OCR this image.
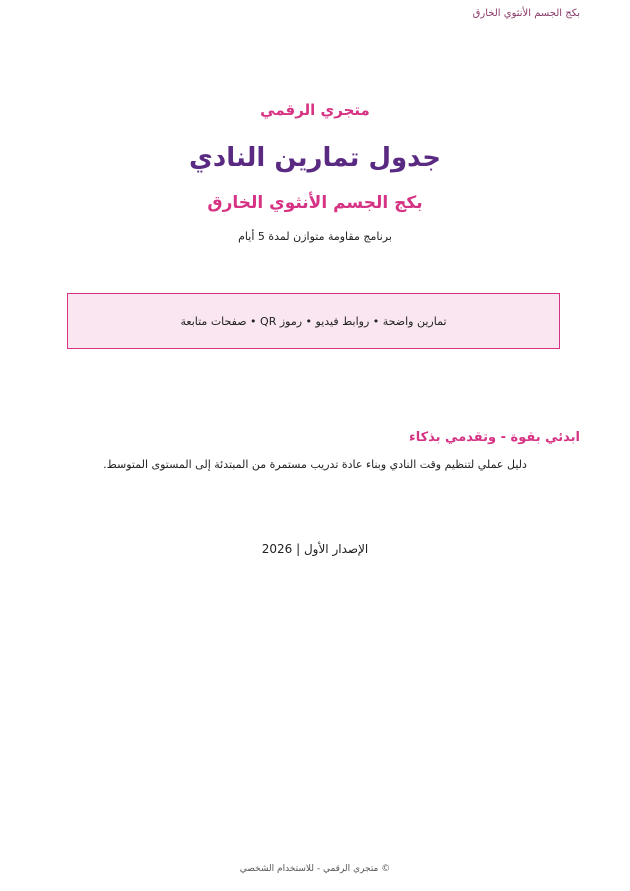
بكج الجسم الأنثوي الخارق
متجري الرقمي
جدول تمارين النادي
بكج الجسم الأنثوي الخارق
برنامج مقاومة متوازن لمدة 5 أيام
تمارين واضحة • روابط فيديو • رموز QR • صفحات متابعة
ابدئي بقوة - وتقدمي بذكاء
دليل عملي لتنظيم وقت النادي وبناء عادة تدريب مستمرة من المبتدئة إلى المستوى المتوسط.
الإصدار الأول | 2026
© متجري الرقمي - للاستخدام الشخصي
